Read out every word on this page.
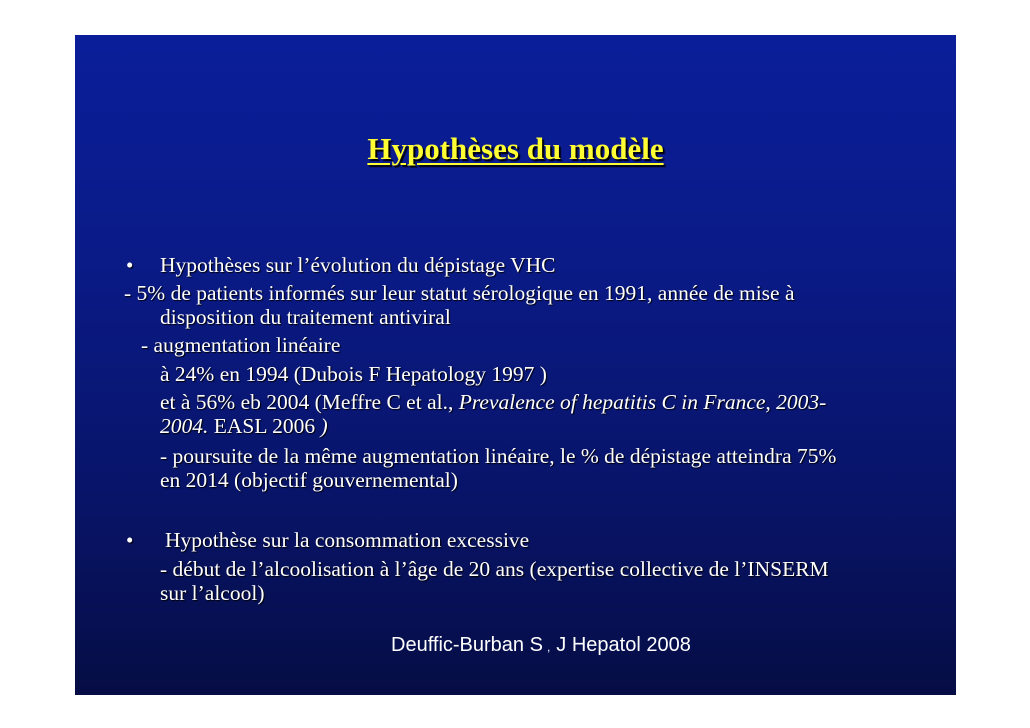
Hypothèses du modèle
• Hypothèses sur l’évolution du dépistage VHC
- 5% de patients informés sur leur statut sérologique en 1991, année de mise à
disposition du traitement antiviral
- augmentation linéaire
à 24% en 1994 (Dubois F Hepatology 1997 )
et à 56% eb 2004 (Meffre C et al., Prevalence of hepatitis C in France, 2003-
2004. EASL 2006 )
- poursuite de la même augmentation linéaire, le % de dépistage atteindra 75%
en 2014 (objectif gouvernemental)
• Hypothèse sur la consommation excessive
- début de l’alcoolisation à l’âge de 20 ans (expertise collective de l’INSERM
sur l’alcool)
Deuffic-Burban S , J Hepatol 2008
